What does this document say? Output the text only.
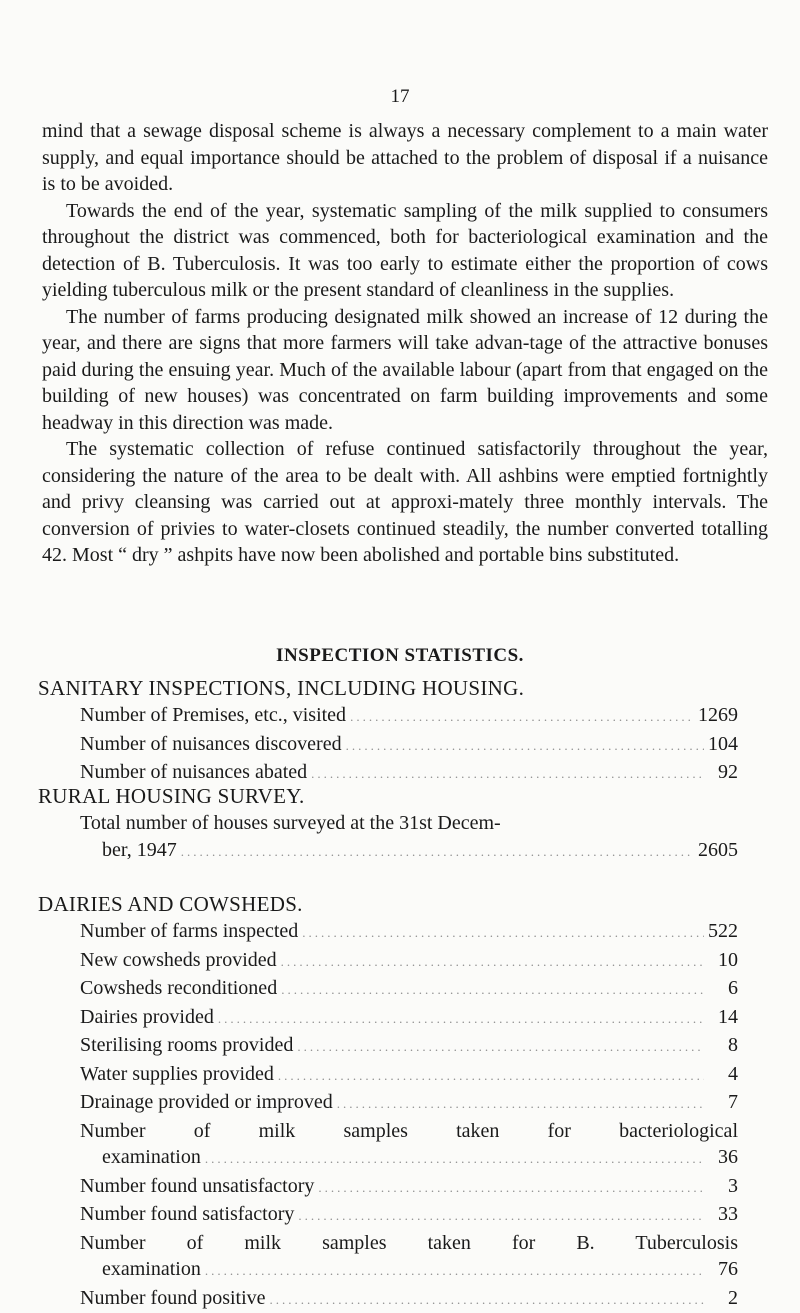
17

mind that a sewage disposal scheme is always a necessary complement to a main water supply, and equal importance should be attached to the problem of disposal if a nuisance is to be avoided.

Towards the end of the year, systematic sampling of the milk supplied to consumers throughout the district was commenced, both for bacteriological examination and the detection of B. Tuberculosis. It was too early to estimate either the proportion of cows yielding tuberculous milk or the present standard of cleanliness in the supplies.

The number of farms producing designated milk showed an increase of 12 during the year, and there are signs that more farmers will take advan-tage of the attractive bonuses paid during the ensuing year. Much of the available labour (apart from that engaged on the building of new houses) was concentrated on farm building improvements and some headway in this direction was made.

The systematic collection of refuse continued satisfactorily throughout the year, considering the nature of the area to be dealt with. All ashbins were emptied fortnightly and privy cleansing was carried out at approxi-mately three monthly intervals. The conversion of privies to water-closets continued steadily, the number converted totalling 42. Most “ dry ” ashpits have now been abolished and portable bins substituted.

INSPECTION STATISTICS.
SANITARY INSPECTIONS, INCLUDING HOUSING.
Number of Premises, etc., visited .....	1269
Number of nuisances discovered .....	104
Number of nuisances abated .....	92
RURAL HOUSING SURVEY.
Total number of houses surveyed at the 31st Decem-
ber, 1947 .....	2605
DAIRIES AND COWSHEDS.
Number of farms inspected .....	522
New cowsheds provided .....	10
Cowsheds reconditioned .....	6
Dairies provided .....	14
Sterilising rooms provided .....	8
Water supplies provided .....	4
Drainage provided or improved .....	7
Number of milk samples taken for bacteriological
examination .....	36
Number found unsatisfactory .....	3
Number found satisfactory .....	33
Number of milk samples taken for B. Tuberculosis
examination .....	76
Number found positive .....	2
